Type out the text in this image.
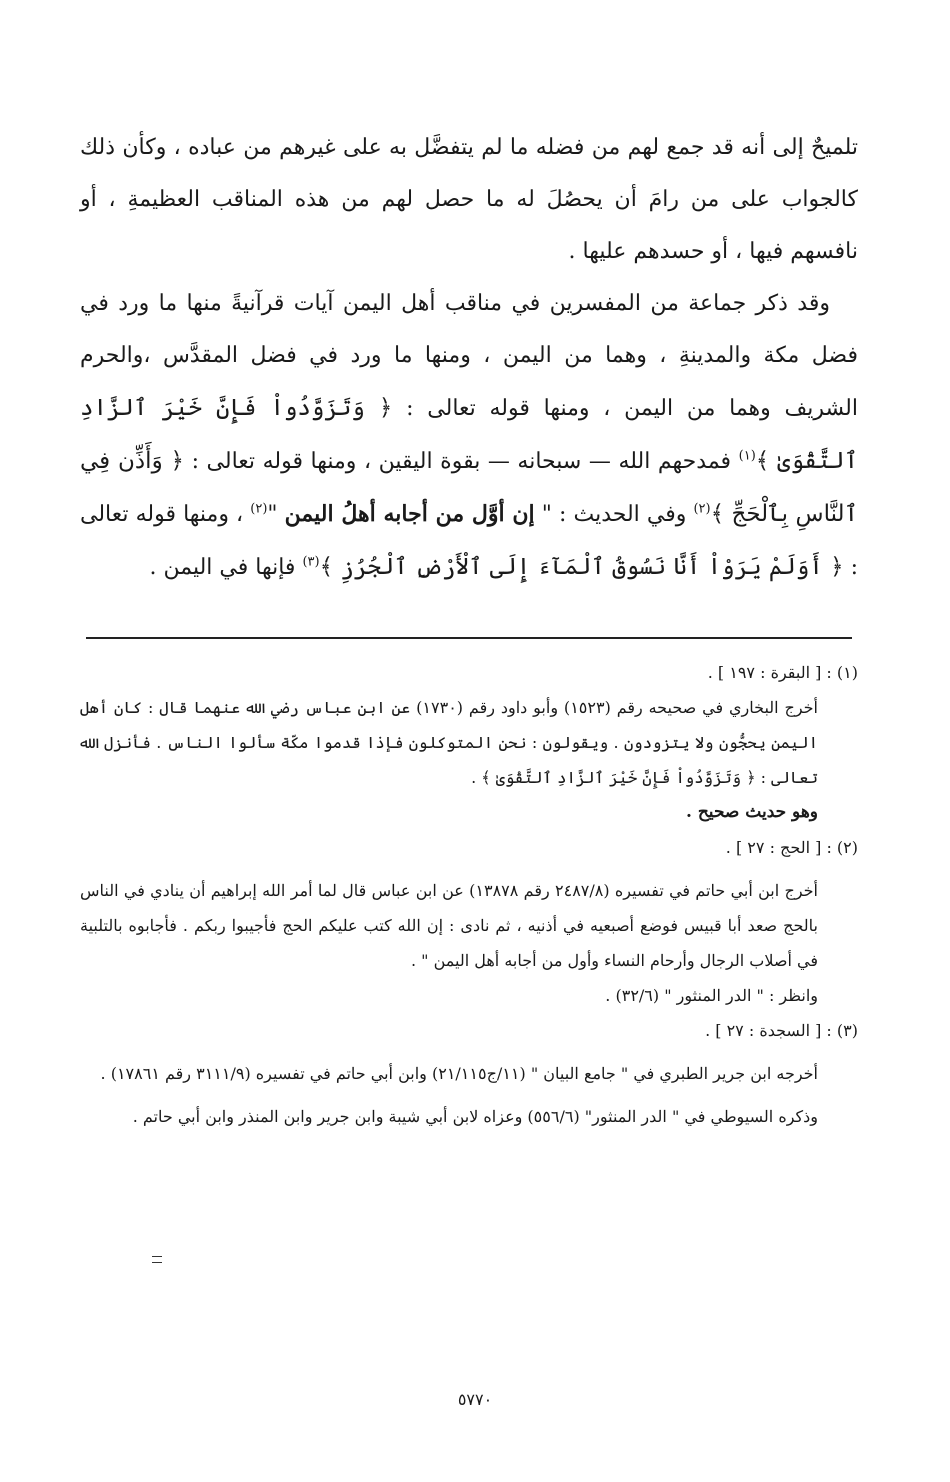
تلميحٌ إلى أنه قد جمع لهم من فضله ما لم يتفضَّل به على غيرهم من عباده ، وكأن ذلك كالجواب على من رامَ أن يحصُلَ له ما حصل لهم من هذه المناقب العظيمةِ ، أو نافسهم فيها ، أو حسدهم عليها .

وقد ذكر جماعة من المفسرين في مناقب أهل اليمن آيات قرآنيةً منها ما ورد في فضل مكة والمدينةِ ، وهما من اليمن ، ومنها ما ورد في فضل المقدَّس ،والحرم الشريف وهما من اليمن ، ومنها قوله تعالى : ﴿ وَتَزَوَّدُواْ فَإِنَّ خَيْرَ ٱلزَّادِ ٱلتَّقْوَىٰ ﴾$^{(١)}$ فمدحهم الله — سبحانه — بقوة اليقين ، ومنها قوله تعالى : ﴿ وَأَذِّن فِي ٱلنَّاسِ بِٱلْحَجِّ ﴾$^{(٢)}$ وفي الحديث : " إن أوَّل من أجابه أهلُ اليمن "$^{(٢)}$ ، ومنها قوله تعالى : ﴿ أَوَلَمْ يَرَوْاْ أَنَّا نَسُوقُ ٱلْمَآءَ إِلَى ٱلْأَرْضِ ٱلْجُرُزِ ﴾$^{(٣)}$ فإنها في اليمن .

(١) : [ البقرة : ١٩٧ ] .

أخرج البخاري في صحيحه رقم (١٥٢٣) وأبو داود رقم (١٧٣٠) عن ابن عباس رضي الله عنهما قال : كان أهل اليمن يحجُّون ولا يتزودون . ويقولون : نحن المتوكلون فإذا قدموا مكّة سألوا الناس . فأنزل الله تعالى : ﴿ وَتَزَوَّدُواْ فَإِنَّ خَيْرَ ٱلزَّادِ ٱلتَّقْوَىٰ ﴾ .

وهو حديث صحيح .

(٢) : [ الحج : ٢٧ ] .

أخرج ابن أبي حاتم في تفسيره (٢٤٨٧/٨ رقم ١٣٨٧٨) عن ابن عباس قال لما أمر الله إبراهيم أن ينادي في الناس بالحج صعد أبا قبيس فوضع أصبعيه في أذنيه ، ثم نادى : إن الله كتب عليكم الحج فأجيبوا ربكم . فأجابوه بالتلبية في أصلاب الرجال وأرحام النساء وأول من أجابه أهل اليمن " .

وانظر : " الدر المنثور " (٣٢/٦) .

(٣) : [ السجدة : ٢٧ ] .

أخرجه ابن جرير الطبري في " جامع البيان " (١١/ج٢١/١١٥) وابن أبي حاتم في تفسيره (٣١١١/٩ رقم ١٧٨٦١) .

وذكره السيوطي في " الدر المنثور" (٥٥٦/٦) وعزاه لابن أبي شيبة وابن جرير وابن المنذر وابن أبي حاتم .

٥٧٧٠
